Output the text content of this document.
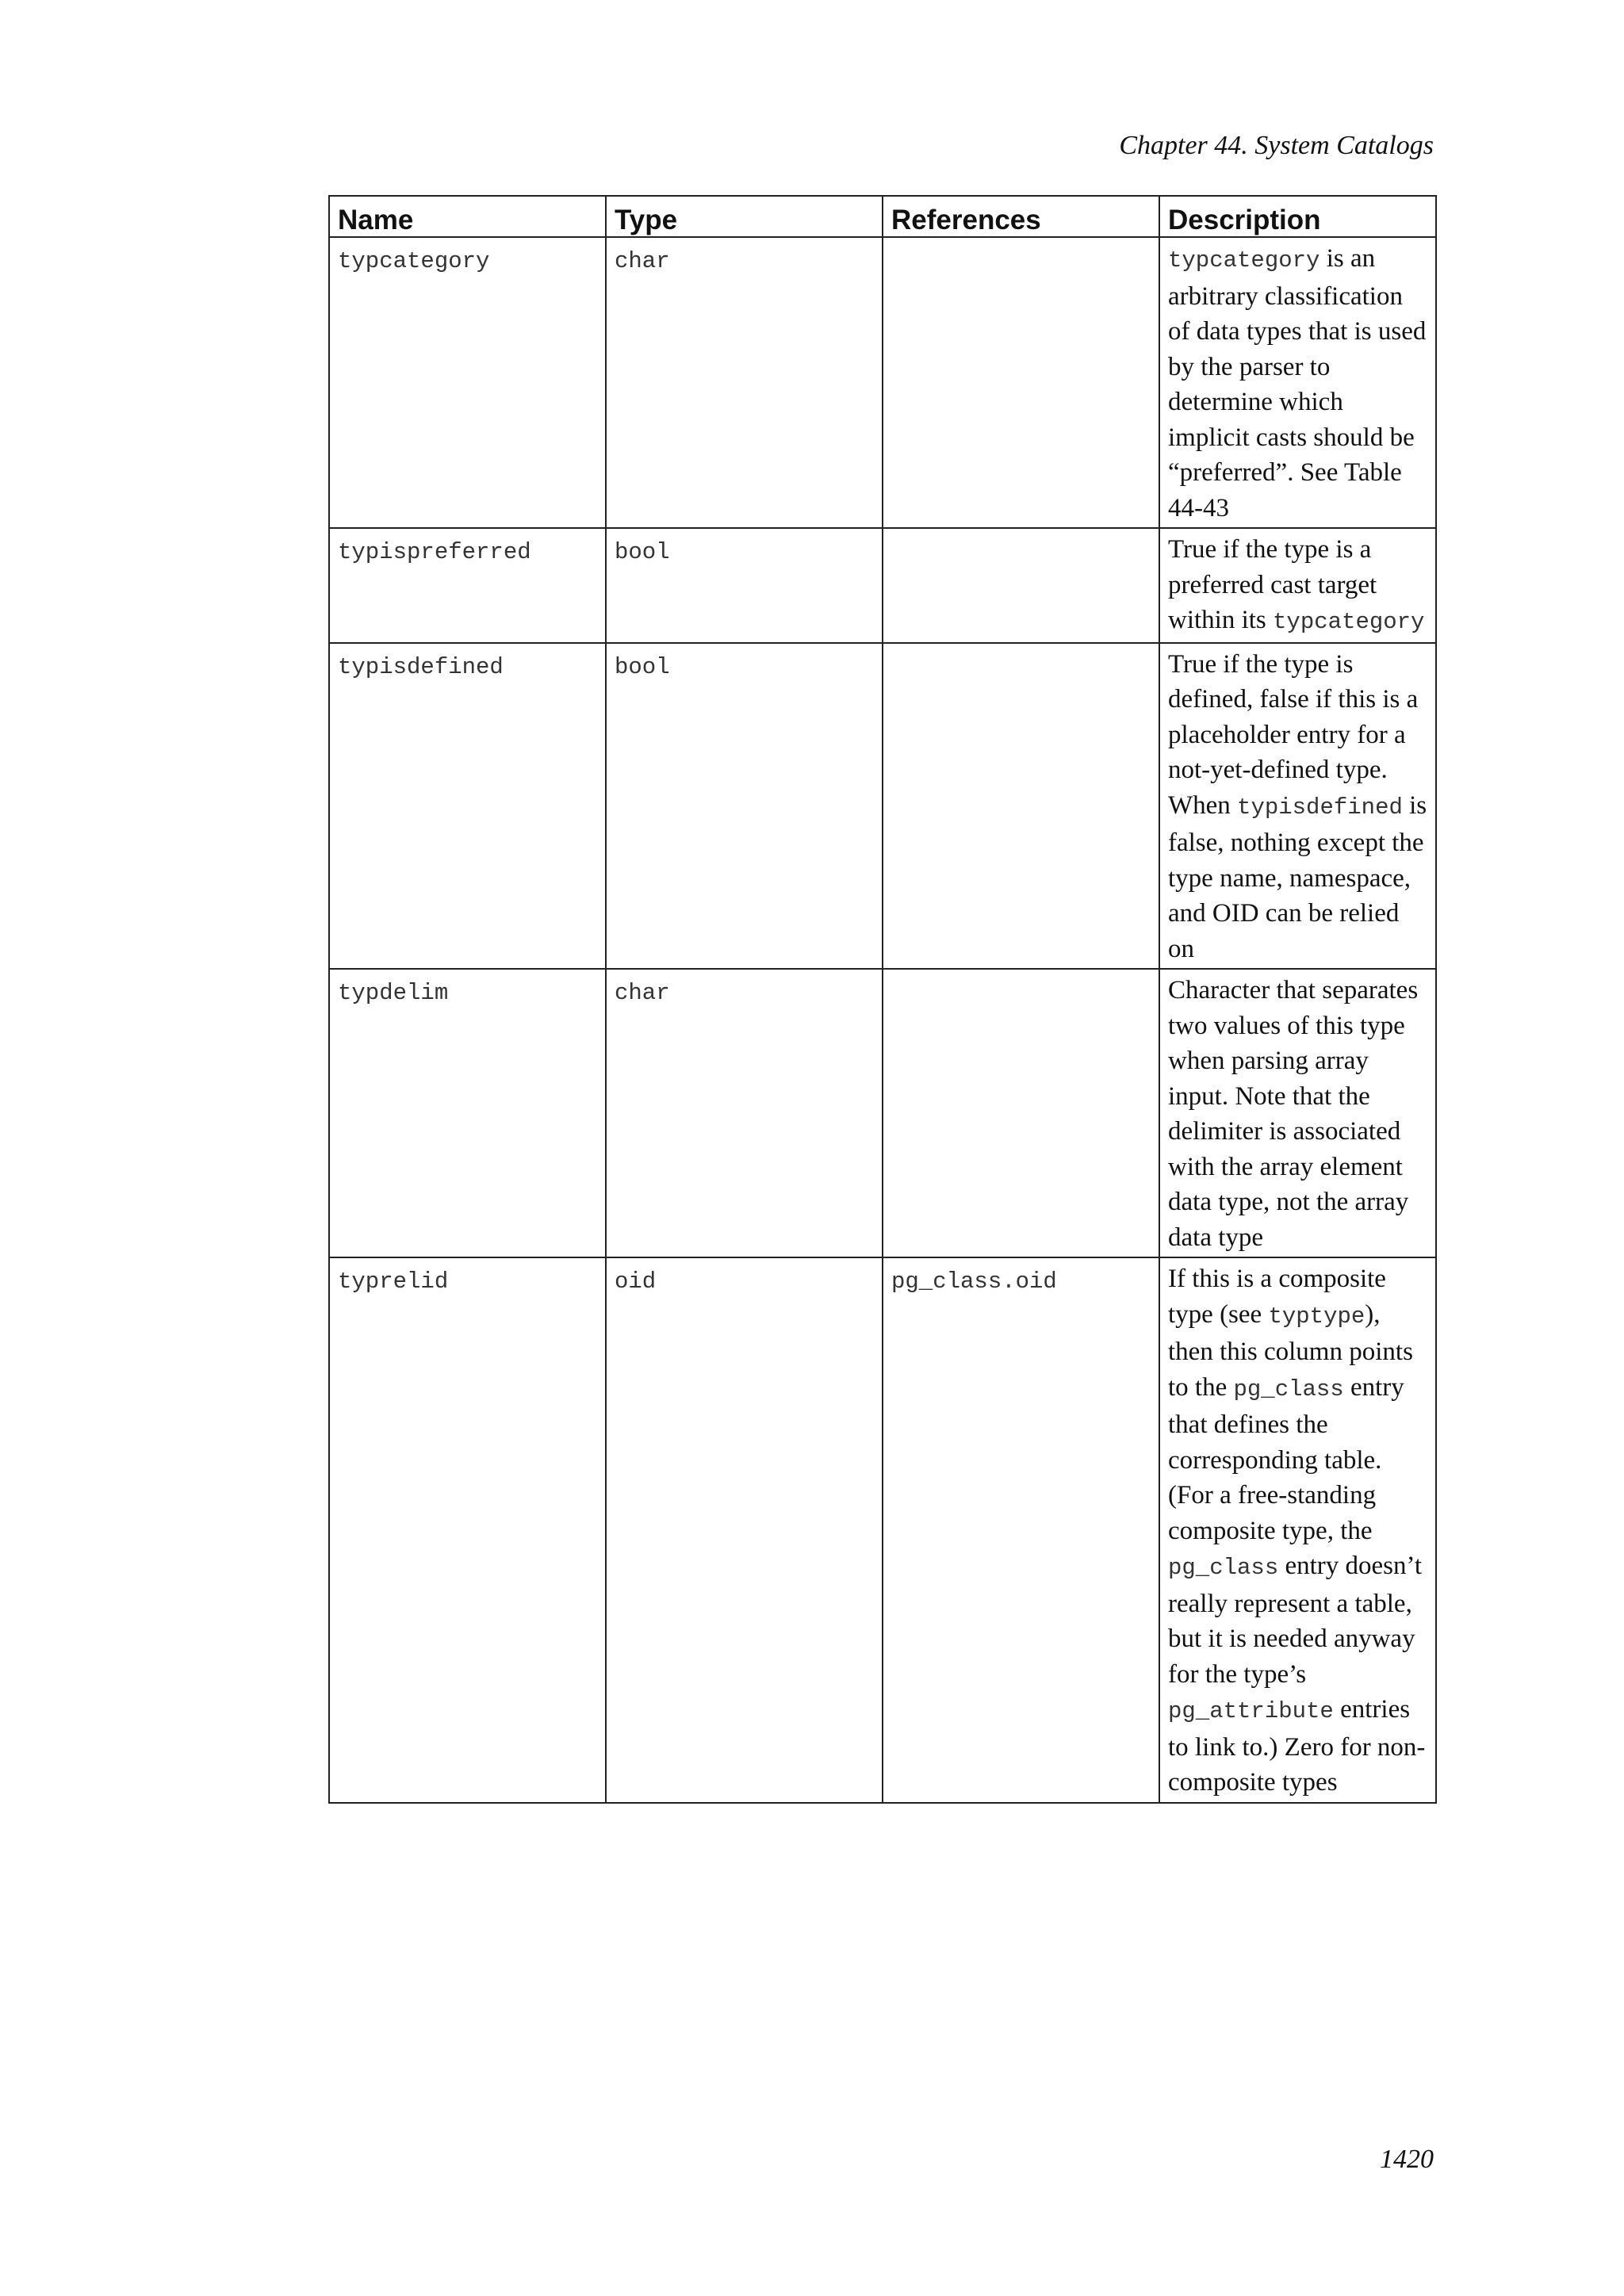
Chapter 44. System Catalogs
Name	Type	References	Description
typcategory	char		typcategory is an arbitrary classification of data types that is used by the parser to determine which implicit casts should be “preferred”. See Table 44-43
typispreferred	bool		True if the type is a preferred cast target within its typcategory
typisdefined	bool		True if the type is defined, false if this is a placeholder entry for a not-yet-defined type. When typisdefined is false, nothing except the type name, namespace, and OID can be relied on
typdelim	char		Character that separates two values of this type when parsing array input. Note that the delimiter is associated with the array element data type, not the array data type
typrelid	oid	pg_class.oid	If this is a composite type (see typtype), then this column points to the pg_class entry that defines the corresponding table. (For a free-standing composite type, the pg_class entry doesn’t really represent a table, but it is needed anyway for the type’s pg_attribute entries to link to.) Zero for non-composite types
1420
